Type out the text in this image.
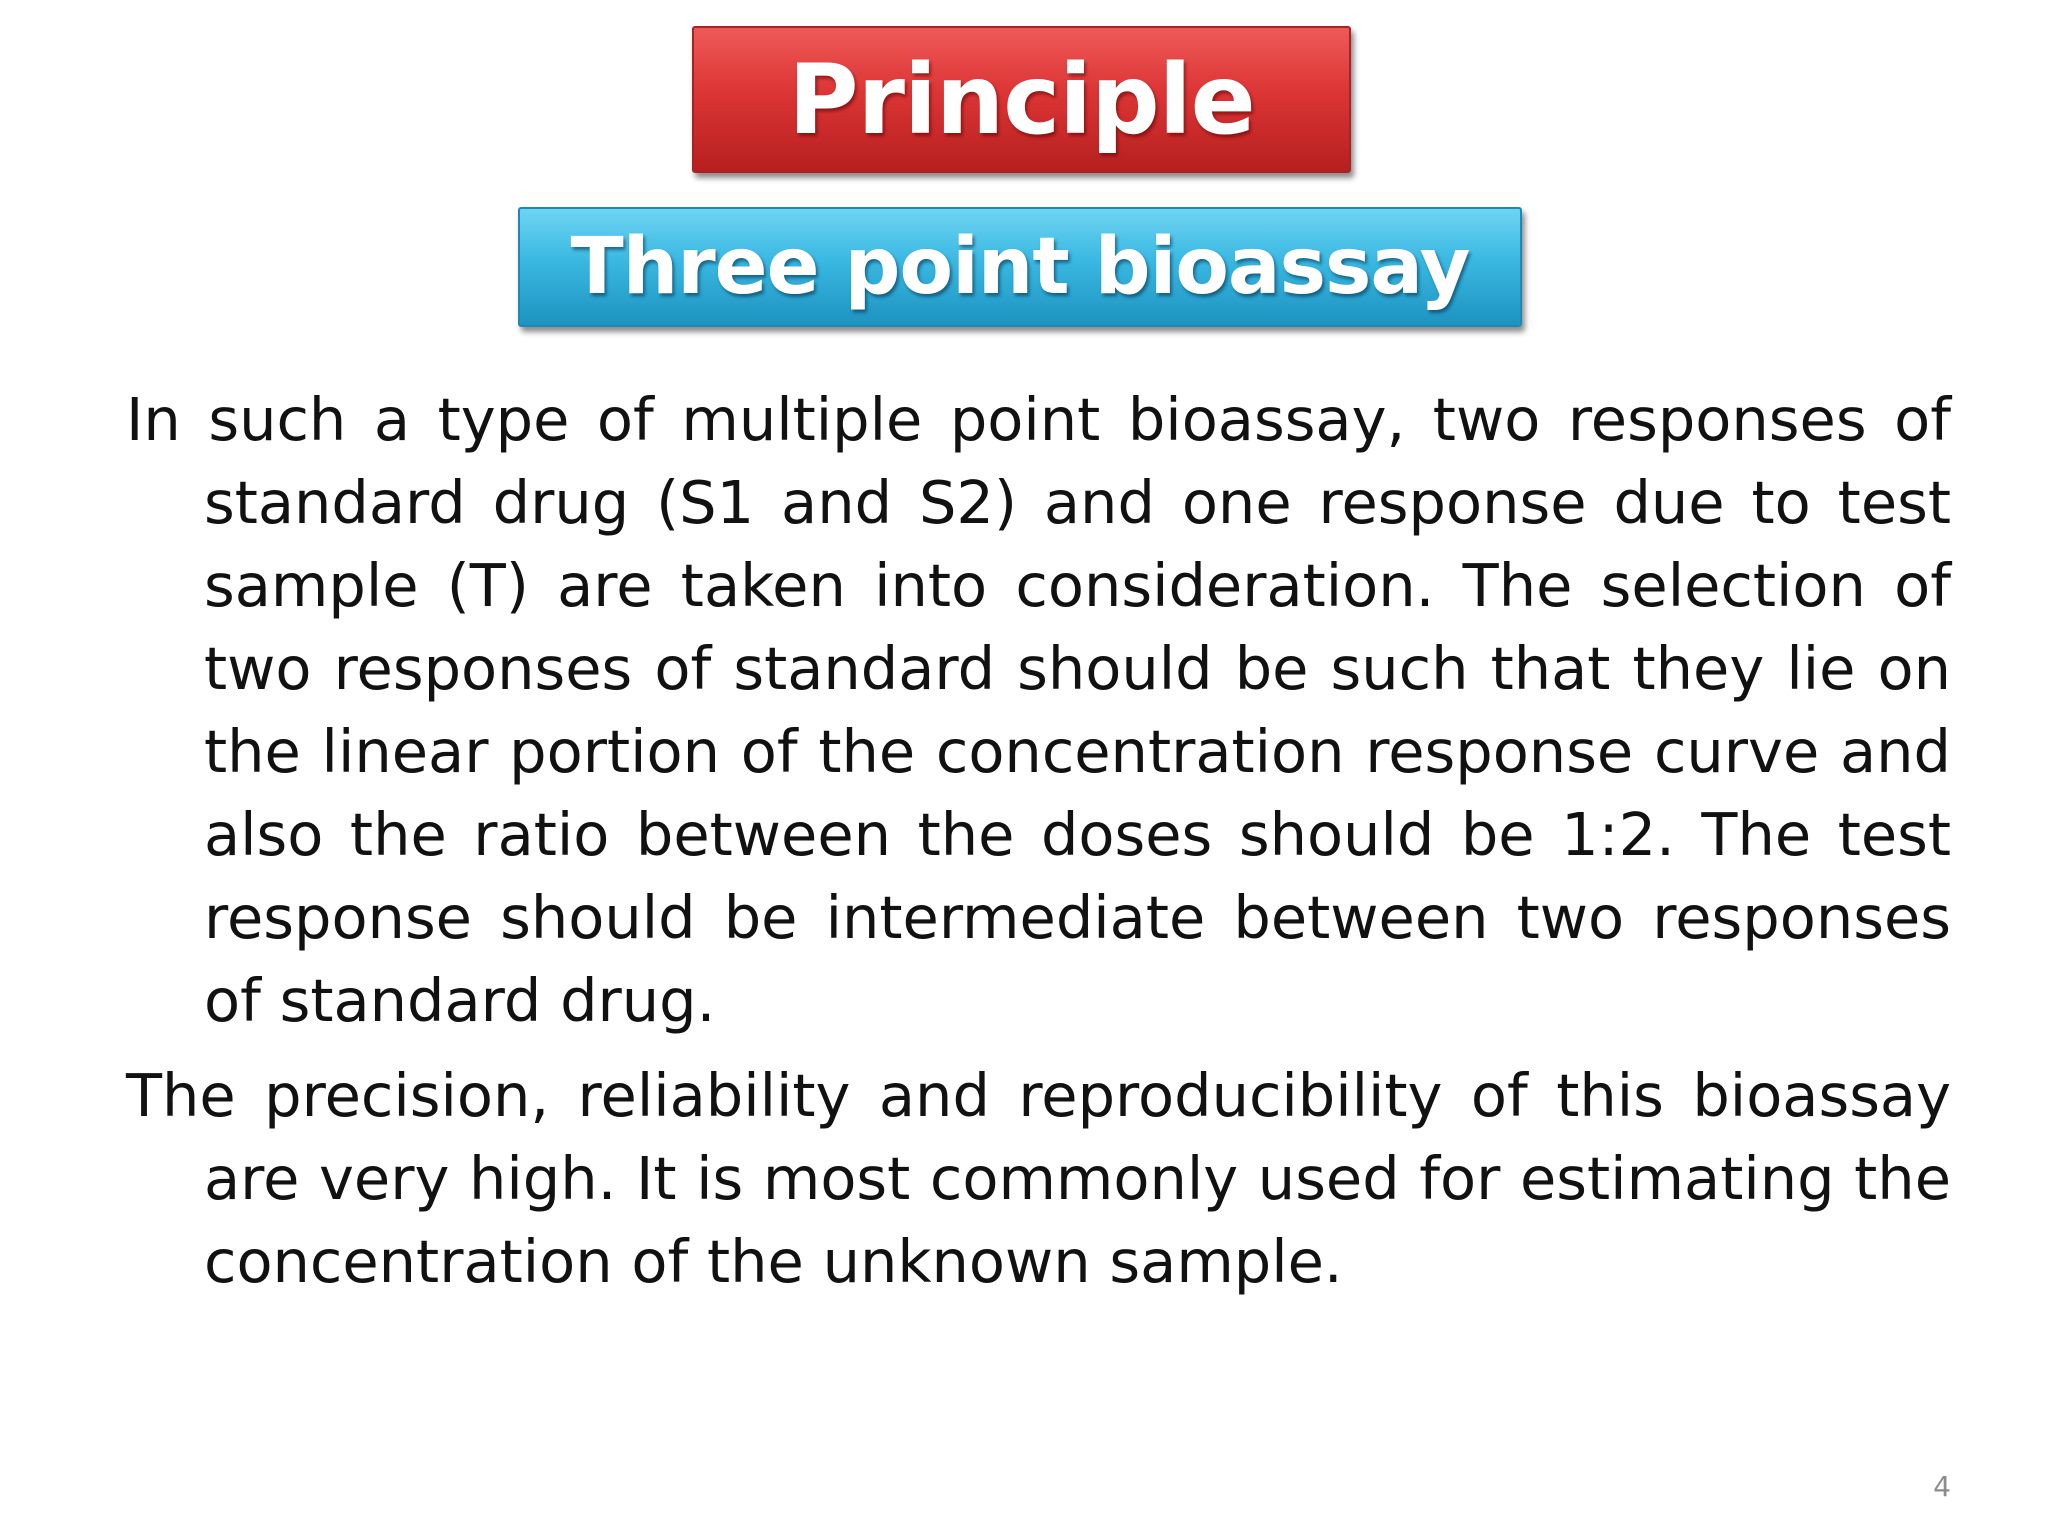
Principle
Three point bioassay

In such a type of multiple point bioassay, two responses of standard drug (S1 and S2) and one response due to test sample (T) are taken into consideration. The selection of two responses of standard should be such that they lie on the linear portion of the concentration response curve and also the ratio between the doses should be 1:2. The test response should be intermediate between two responses of standard drug.

The precision, reliability and reproducibility of this bioassay are very high. It is most commonly used for estimating the concentration of the unknown sample.

4
